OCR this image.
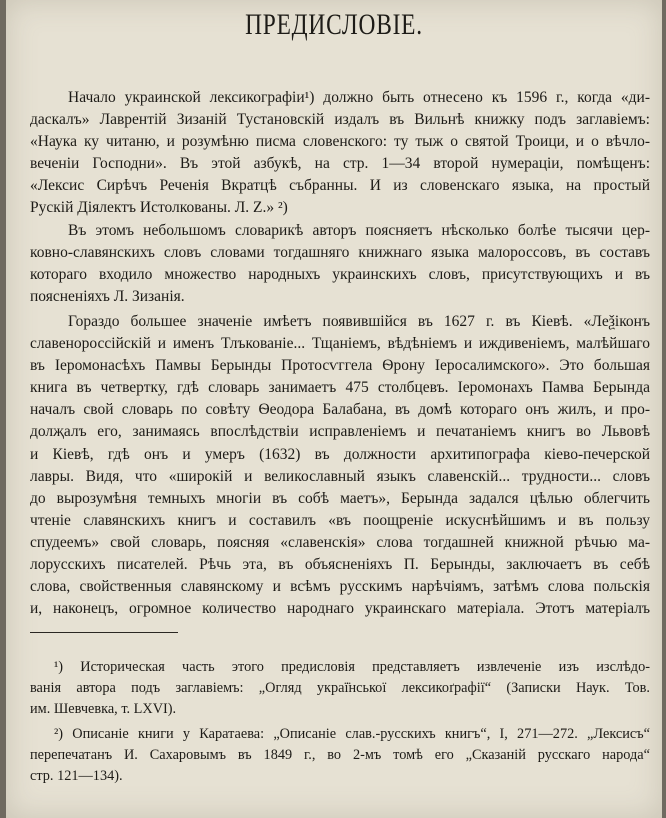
ПРЕДИСЛОВІЕ.
Начало украинской лексикографіи¹) должно быть отнесено къ 1596 г., когда «ди-
даскалъ» Лаврентій Зизаній Тустановскій издалъ въ Вильнѣ книжку подъ заглавіемъ:
«Наука ку читаню, и розумѣню писма словенского: ту тыж о святой Троици, и о вѣчло-
веченіи Господни». Въ этой азбукѣ, на стр. 1—34 второй нумераціи, помѣщенъ:
«Лексис Сирѣчъ Реченія Вкратцѣ събранны. И из словенскаго языка, на простый
Рускій Діялектъ Истолкованы. Л. Z.» ²)
Въ этомъ небольшомъ словарикѣ авторъ поясняетъ нѣсколько болѣе тысячи цер-
ковно-славянскихъ словъ словами тогдашняго книжнаго языка малороссовъ, въ составъ
котораго входило множество народныхъ украинскихъ словъ, присутствующихъ и въ
поясненіяхъ Л. Зизанія.
Гораздо большее значеніе имѣетъ появившійся въ 1627 г. въ Кіевѣ. «Лeѯіконъ
славенороссійскій и именъ Тлъкованіе... Тщаніемъ, вѣдѣніемъ и иждивеніемъ, малѣйшаго
въ Іеромонасѣхъ Памвы Берынды Протосѵггела Ѳрону Іеросалимского». Это большая
книга въ четвертку, гдѣ словарь занимаетъ 475 столбцевъ. Іеромонахъ Памва Берында
началъ свой словарь по совѣту Ѳеодора Балабана, въ домѣ котораго онъ жилъ, и про-
долҗалъ его, занимаясь впослѣдствіи исправленіемъ и печатаніемъ книгъ во Львовѣ
и Кіевѣ, гдѣ онъ и умеръ (1632) въ должности архитипографа кіево-печерской
лавры. Видя, что «широкій и великославный языкъ славенскій... трудности... словъ
до вырозумѣня темныхъ многіи въ собѣ маетъ», Берында задался цѣлью облегчить
чтеніе славянскихъ книгъ и составилъ «въ поощреніе искуснѣйшимъ и въ пользу
спудеемъ» свой словарь, поясняя «славенскія» слова тогдашней книжной рѣчью ма-
лорусскихъ писателей. Рѣчь эта, въ объясненіяхъ П. Берынды, заключаетъ въ себѣ
слова, свойственныя славянскому и всѣмъ русскимъ нарѣчіямъ, затѣмъ слова польскія
и, наконецъ, огромное количество народнаго украинскаго матеріала. Этотъ матеріалъ
¹) Историческая часть этого предисловія представляетъ извлеченіе изъ изслѣдо-
ванія автора подъ заглавіемъ: „Огляд украї̈нської лексикоґрафії“ (Записки Наук. Тов.
им. Шевчевка, т. LXVI).
²) Описаніе книги у Каратаева: „Описаніе слав.-русскихъ книгъ“, I, 271—272. „Лексисъ“
перепечатанъ И. Сахаровымъ въ 1849 г., во 2-мъ томѣ его „Сказаній русскаго народа“
стр. 121—134).
